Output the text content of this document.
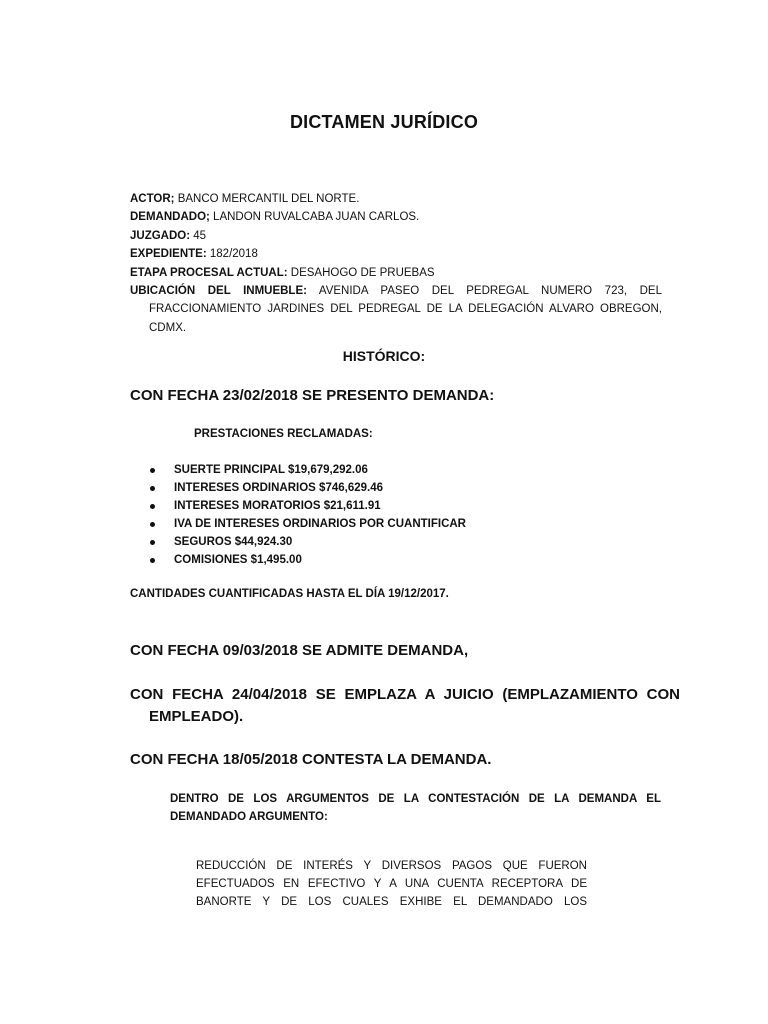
DICTAMEN JURÍDICO
ACTOR; BANCO MERCANTIL DEL NORTE.
DEMANDADO; LANDON RUVALCABA JUAN CARLOS.
JUZGADO: 45
EXPEDIENTE: 182/2018
ETAPA PROCESAL ACTUAL: DESAHOGO DE PRUEBAS
UBICACIÓN DEL INMUEBLE: AVENIDA PASEO DEL PEDREGAL NUMERO 723, DEL FRACCIONAMIENTO JARDINES DEL PEDREGAL DE LA DELEGACIÓN ALVARO OBREGON, CDMX.
HISTÓRICO:
CON FECHA 23/02/2018 SE PRESENTO DEMANDA:
PRESTACIONES RECLAMADAS:
SUERTE PRINCIPAL $19,679,292.06
INTERESES ORDINARIOS $746,629.46
INTERESES MORATORIOS $21,611.91
IVA DE INTERESES ORDINARIOS POR CUANTIFICAR
SEGUROS $44,924.30
COMISIONES $1,495.00
CANTIDADES CUANTIFICADAS HASTA EL DÍA 19/12/2017.
CON FECHA 09/03/2018 SE ADMITE DEMANDA,
CON FECHA 24/04/2018 SE EMPLAZA A JUICIO (EMPLAZAMIENTO CON EMPLEADO).
CON FECHA 18/05/2018 CONTESTA LA DEMANDA.
DENTRO DE LOS ARGUMENTOS DE LA CONTESTACIÓN DE LA DEMANDA EL DEMANDADO ARGUMENTO:
REDUCCIÓN DE INTERÉS Y DIVERSOS PAGOS QUE FUERON EFECTUADOS EN EFECTIVO Y A UNA CUENTA RECEPTORA DE BANORTE Y DE LOS CUALES EXHIBE EL DEMANDADO LOS
